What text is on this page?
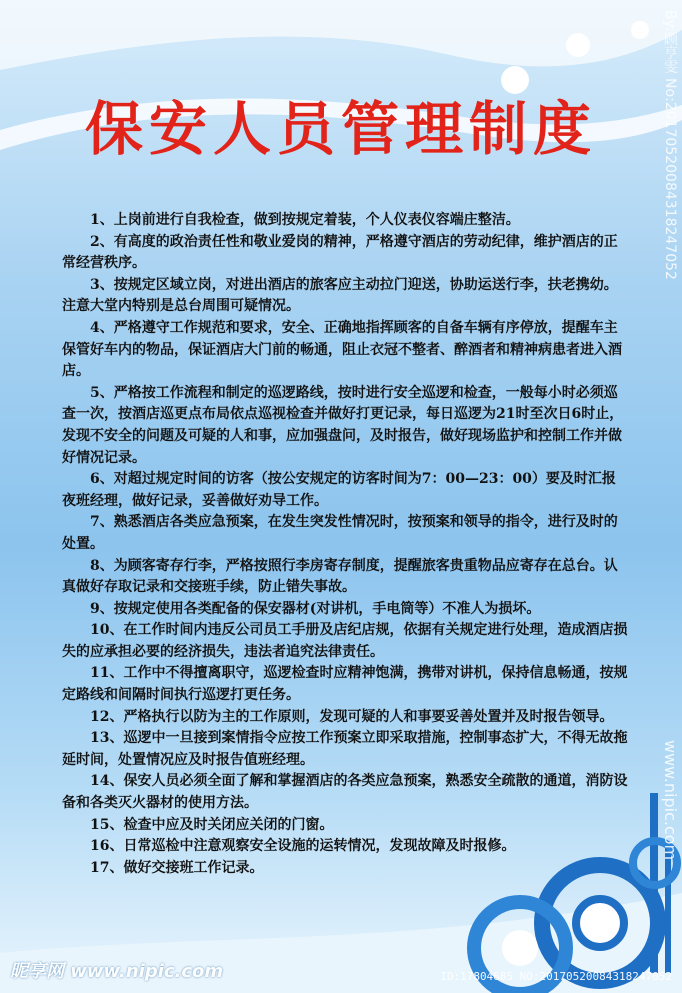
保安人员管理制度

1、上岗前进行自我检查，做到按规定着装，个人仪表仪容端庄整洁。

2、有高度的政治责任性和敬业爱岗的精神，严格遵守酒店的劳动纪律，维护酒店的正常经营秩序。

3、按规定区域立岗，对进出酒店的旅客应主动拉门迎送，协助运送行李，扶老携幼。注意大堂内特别是总台周围可疑情况。

4、严格遵守工作规范和要求，安全、正确地指挥顾客的自备车辆有序停放，提醒车主保管好车内的物品，保证酒店大门前的畅通，阻止衣冠不整者、醉酒者和精神病患者进入酒店。

5、严格按工作流程和制定的巡逻路线，按时进行安全巡逻和检查，一般每小时必须巡查一次，按酒店巡更点布局依点巡视检查并做好打更记录，每日巡逻为21时至次日6时止，发现不安全的问题及可疑的人和事，应加强盘问，及时报告，做好现场监护和控制工作并做好情况记录。

6、对超过规定时间的访客（按公安规定的访客时间为7：00—23：00）要及时汇报夜班经理，做好记录，妥善做好劝导工作。

7、熟悉酒店各类应急预案，在发生突发性情况时，按预案和领导的指令，进行及时的处置。

8、为顾客寄存行李，严格按照行李房寄存制度，提醒旅客贵重物品应寄存在总台。认真做好存取记录和交接班手续，防止错失事故。

9、按规定使用各类配备的保安器材(对讲机，手电筒等）不准人为损坏。

10、在工作时间内违反公司员工手册及店纪店规，依据有关规定进行处理，造成酒店损失的应承担必要的经济损失，违法者追究法律责任。

11、工作中不得擅离职守，巡逻检查时应精神饱满，携带对讲机，保持信息畅通，按规定路线和间隔时间执行巡逻打更任务。

12、严格执行以防为主的工作原则，发现可疑的人和事要妥善处置并及时报告领导。

13、巡逻中一旦接到案情指令应按工作预案立即采取措施，控制事态扩大，不得无故拖延时间，处置情况应及时报告值班经理。

14、保安人员必须全面了解和掌握酒店的各类应急预案，熟悉安全疏散的通道，消防设备和各类灭火器材的使用方法。

15、检查中应及时关闭应关闭的门窗。

16、日常巡检中注意观察安全设施的运转情况，发现故障及时报修。

17、做好交接班工作记录。

By:顾亨雯 No:20170520084318247052
www.nipic.com
昵享网 www.nipic.com	ID:17804685 NO:20170520084318247052
